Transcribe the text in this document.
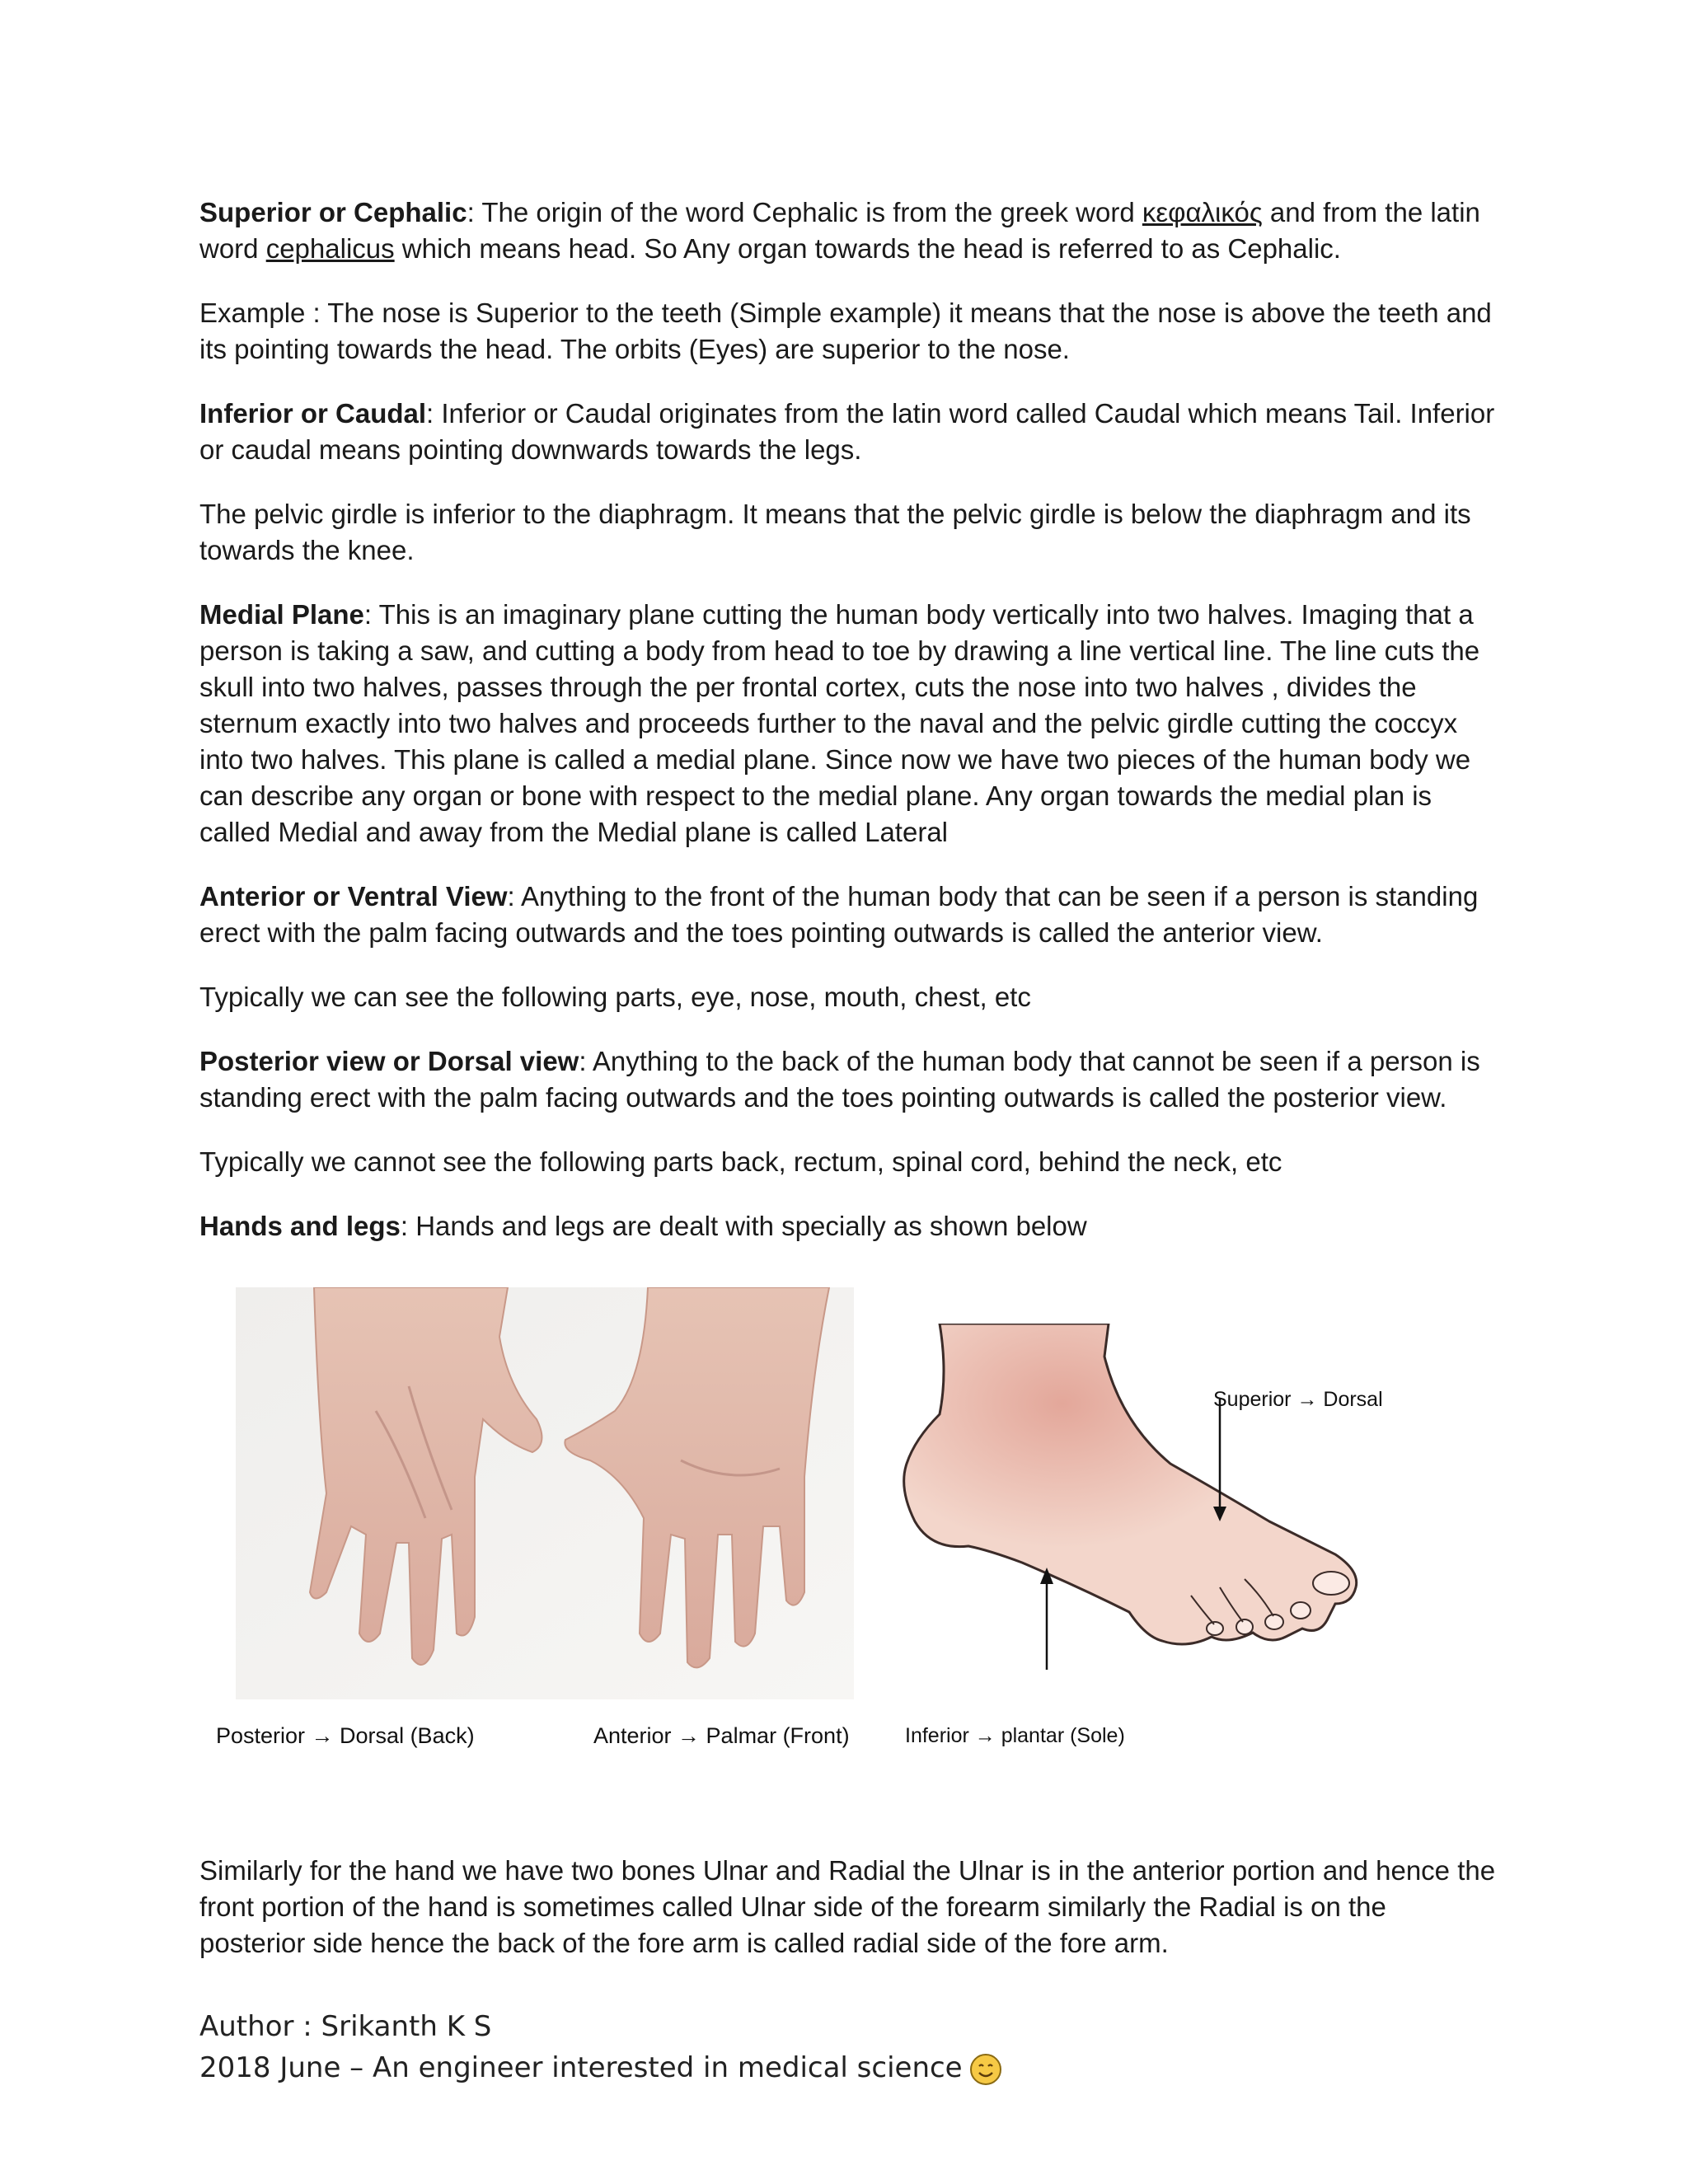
Superior or Cephalic: The origin of the word Cephalic is from the greek word κεφαλικός and from the latin word cephalicus which means head. So Any organ towards the head is referred to as Cephalic.

Example : The nose is Superior to the teeth (Simple example) it means that the nose is above the teeth and its pointing towards the head. The orbits (Eyes) are superior to the nose.

Inferior or Caudal: Inferior or Caudal originates from the latin word called Caudal which means Tail. Inferior or caudal means pointing downwards towards the legs.

The pelvic girdle is inferior to the diaphragm. It means that the pelvic girdle is below the diaphragm and its towards the knee.

Medial Plane: This is an imaginary plane cutting the human body vertically into two halves. Imaging that a person is taking a saw, and cutting a body from head to toe by drawing a line vertical line. The line cuts the skull into two halves, passes through the per frontal cortex, cuts the nose into two halves , divides the sternum exactly into two halves and proceeds further to the naval and the pelvic girdle cutting the coccyx into two halves. This plane is called a medial plane. Since now we have two pieces of the human body we can describe any organ or bone with respect to the medial plane. Any organ towards the medial plan is called Medial and away from the Medial plane is called Lateral

Anterior or Ventral View: Anything to the front of the human body that can be seen if a person is standing erect with the palm facing outwards and the toes pointing outwards is called the anterior view.

Typically we can see the following parts, eye, nose, mouth, chest, etc

Posterior view or Dorsal view: Anything to the back of the human body that cannot be seen if a person is standing erect with the palm facing outwards and the toes pointing outwards is called the posterior view.

Typically we cannot see the following parts back, rectum, spinal cord, behind the neck, etc

Hands and legs: Hands and legs are dealt with specially as shown below

Posterior → Dorsal (Back)	Anterior → Palmar (Front)
Superior → Dorsal
Inferior → plantar (Sole)

Similarly for the hand we have two bones Ulnar and Radial the Ulnar is in the anterior portion and hence the front portion of the hand is sometimes called Ulnar side of the forearm similarly the Radial is on the posterior side hence the back of the fore arm is called radial side of the fore arm.

Author : Srikanth K S
2018 June – An engineer interested in medical science
